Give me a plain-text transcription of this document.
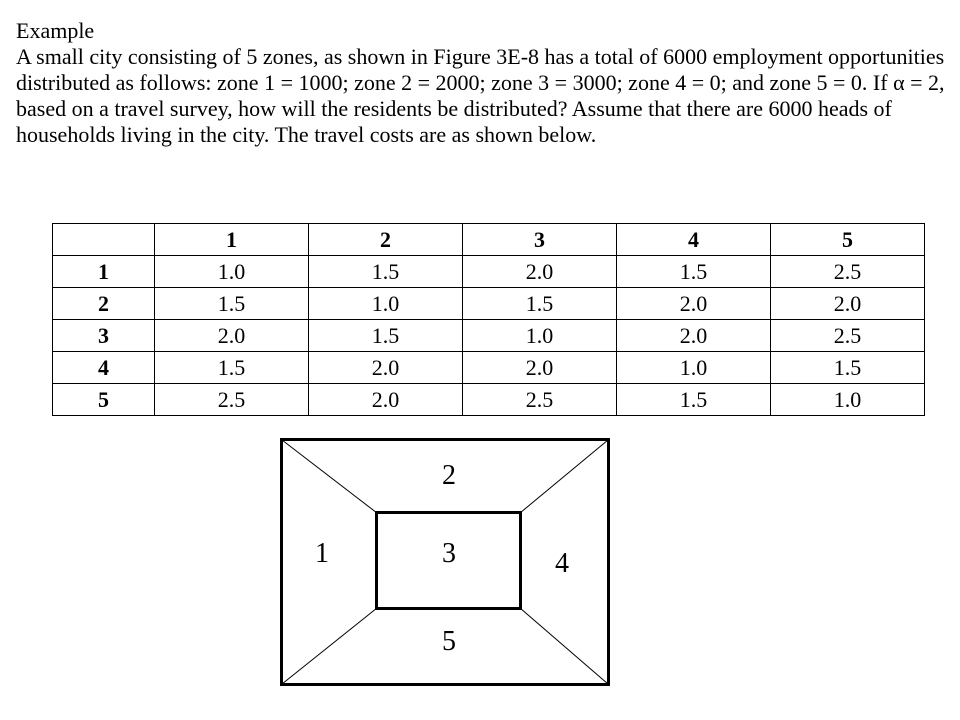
Example

A small city consisting of 5 zones, as shown in Figure 3E-8 has a total of 6000 employment opportunities distributed as follows: zone 1 = 1000; zone 2 = 2000; zone 3 = 3000; zone 4 = 0; and zone 5 = 0. If α = 2, based on a travel survey, how will the residents be distributed? Assume that there are 6000 heads of households living in the city. The travel costs are as shown below.

	1	2	3	4	5
1	1.0	1.5	2.0	1.5	2.5
2	1.5	1.0	1.5	2.0	2.0
3	2.0	1.5	1.0	2.0	2.5
4	1.5	2.0	2.0	1.0	1.5
5	2.5	2.0	2.5	1.5	1.0
2
1	3	4
5
